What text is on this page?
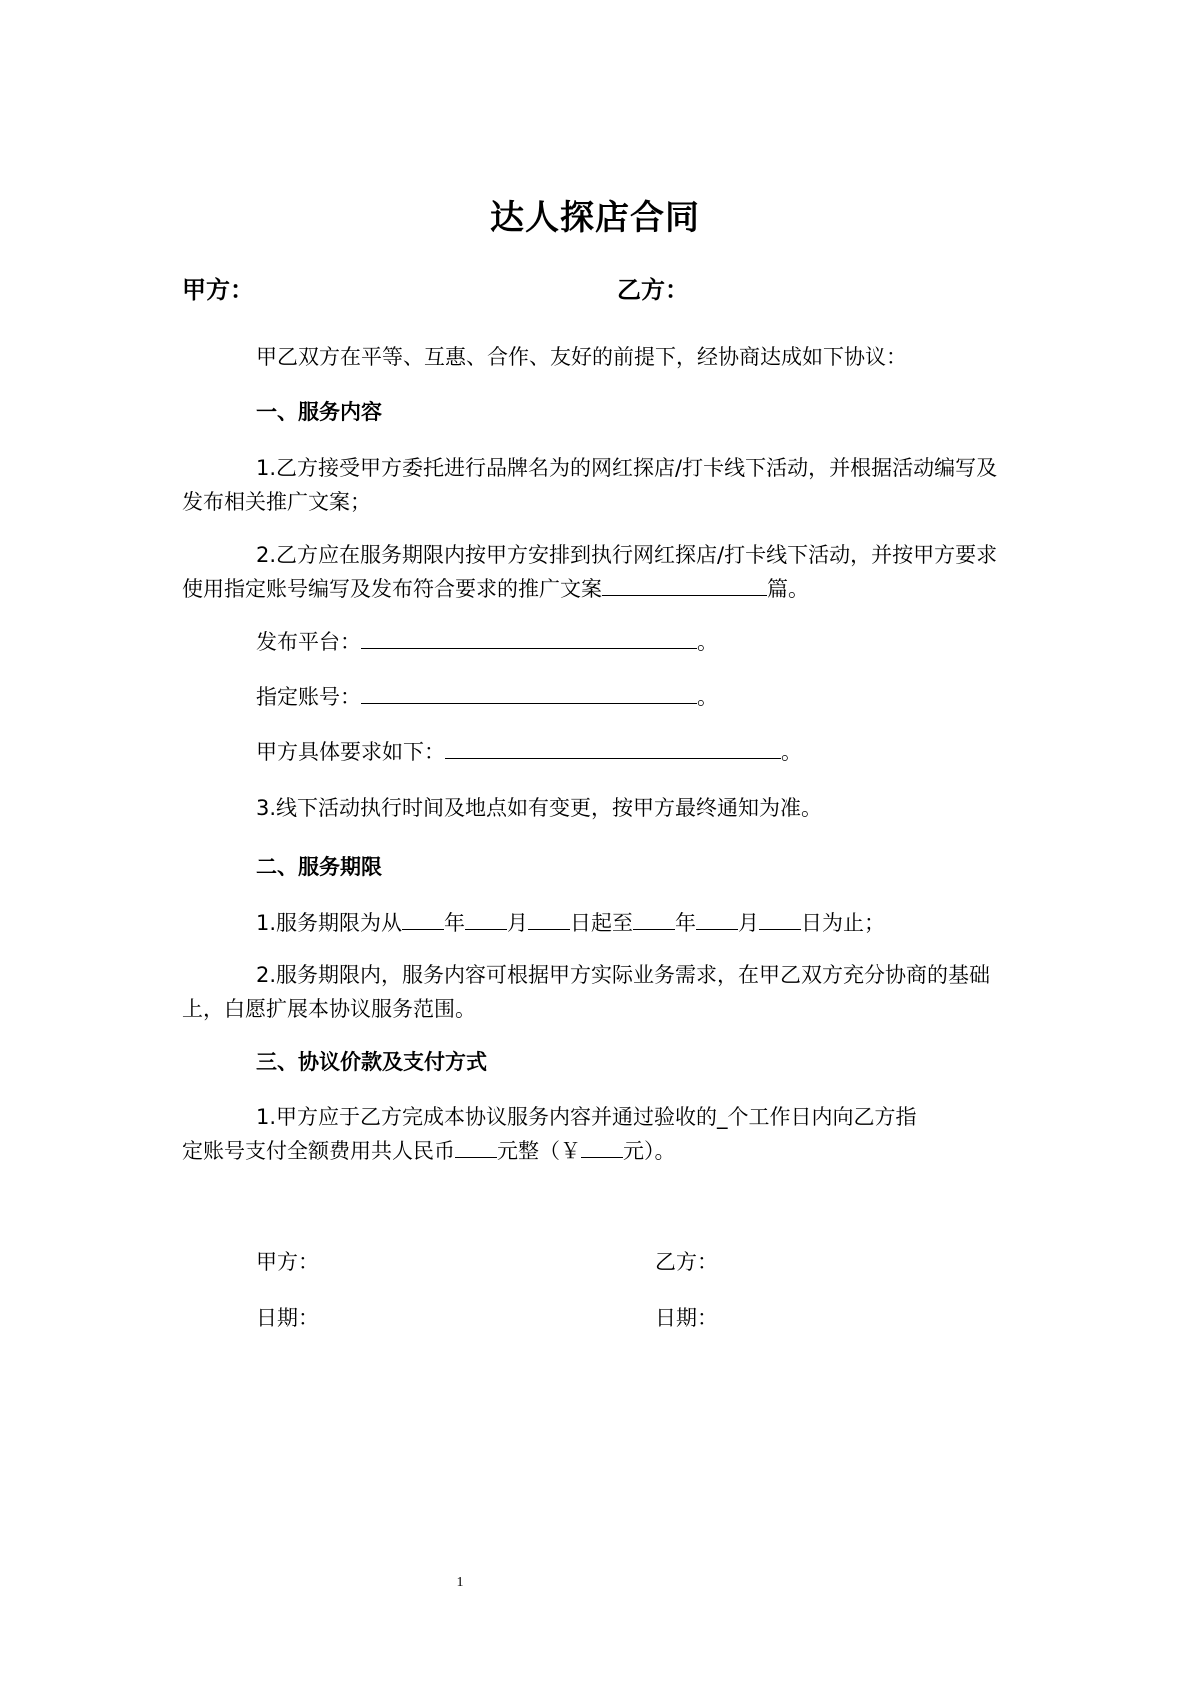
达人探店合同
甲方：	乙方：
甲乙双方在平等、互惠、合作、友好的前提下，经协商达成如下协议：
一、服务内容
1.乙方接受甲方委托进行品牌名为的网红探店/打卡线下活动，并根据活动编写及发布相关推广文案；
2.乙方应在服务期限内按甲方安排到执行网红探店/打卡线下活动，并按甲方要求使用指定账号编写及发布符合要求的推广文案	篇。
发布平台：	。
指定账号：	。
甲方具体要求如下：	。
3.线下活动执行时间及地点如有变更，按甲方最终通知为准。
二、服务期限
1.服务期限为从 年 月 日起至 年 月 日为止；
2.服务期限内，服务内容可根据甲方实际业务需求，在甲乙双方充分协商的基础上，白愿扩展本协议服务范围。
三、协议价款及支付方式
1.甲方应于乙方完成本协议服务内容并通过验收的_个工作日内向乙方指
定账号支付全额费用共人民币 元整（￥ 元）。
甲方：	乙方：
日期：	日期：
1
